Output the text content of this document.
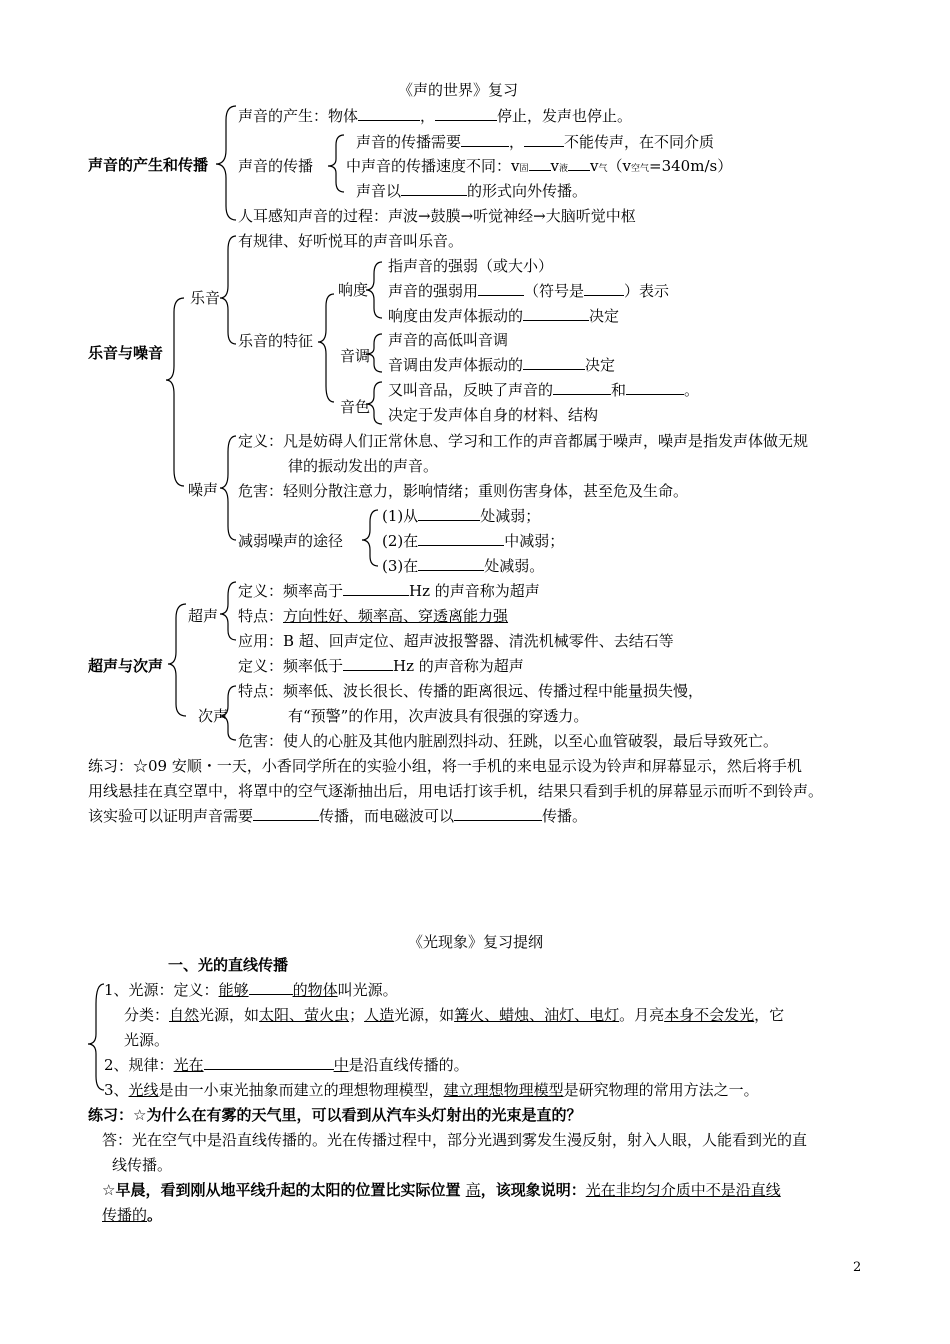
《声的世界》复习
声音的产生和传播
声音的产生：物体	，	停止，发声也停止。
声音的传播
声音的传播需要	，	不能传声，在不同介质
中声音的传播速度不同：v固 v液 v气（v空气=340m/s）
声音以	的形式向外传播。
人耳感知声音的过程：声波→鼓膜→听觉神经→大脑听觉中枢
乐音与噪音
有规律、好听悦耳的声音叫乐音。
乐音
乐音的特征
响度
指声音的强弱（或大小）
声音的强弱用	（符号是	）表示
响度由发声体振动的	决定
音调
声音的高低叫音调
音调由发声体振动的	决定
音色
又叫音品，反映了声音的	和	。
决定于发声体自身的材料、结构
噪声
定义：凡是妨碍人们正常休息、学习和工作的声音都属于噪声，噪声是指发声体做无规
律的振动发出的声音。
危害：轻则分散注意力，影响情绪；重则伤害身体，甚至危及生命。
减弱噪声的途径
(1)从	处减弱；
(2)在	中减弱；
(3)在	处减弱。
超声与次声
超声
定义：频率高于	Hz 的声音称为超声
特点：方向性好、频率高、穿透离能力强
应用：B 超、回声定位、超声波报警器、清洗机械零件、去结石等
定义：频率低于	Hz 的声音称为超声
次声
特点：频率低、波长很长、传播的距离很远、传播过程中能量损失慢，
有“预警”的作用，次声波具有很强的穿透力。
危害：使人的心脏及其他内脏剧烈抖动、狂跳，以至心血管破裂，最后导致死亡。
练习：☆09 安顺・一天，小香同学所在的实验小组，将一手机的来电显示设为铃声和屏幕显示，然后将手机
用线悬挂在真空罩中，将罩中的空气逐渐抽出后，用电话打该手机，结果只看到手机的屏幕显示而听不到铃声。
该实验可以证明声音需要	传播，而电磁波可以	传播。
《光现象》复习提纲
一、光的直线传播
1、光源：定义：能够	的物体叫光源。
分类：自然光源，如太阳、萤火虫；人造光源，如篝火、蜡烛、油灯、电灯。月亮本身不会发光，它
光源。
2、规律：光在	中是沿直线传播的。
3、光线是由一小束光抽象而建立的理想物理模型，建立理想物理模型是研究物理的常用方法之一。
练习：☆为什么在有雾的天气里，可以看到从汽车头灯射出的光束是直的？
答：光在空气中是沿直线传播的。光在传播过程中，部分光遇到雾发生漫反射，射入人眼，人能看到光的直
线传播。
☆早晨，看到刚从地平线升起的太阳的位置比实际位置 高，该现象说明：光在非均匀介质中不是沿直线
传播的。
2
